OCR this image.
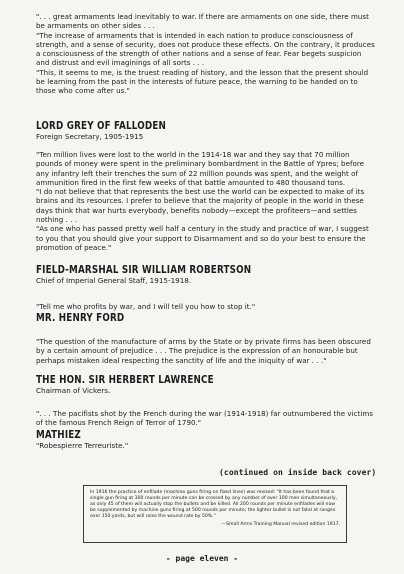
". . . great armaments lead inevitably to war. If there are armaments on one side, there must be armaments on other sides . . .

"The increase of armaments that is intended in each nation to produce consciousness of strength, and a sense of security, does not produce these effects. On the contrary, it produces a consciousness of the strength of other nations and a sense of fear. Fear begets suspicion and distrust and evil imaginings of all sorts . . .

"This, it seems to me, is the truest reading of history, and the lesson that the present should be learning from the past in the interests of future peace, the warning to be handed on to those who come after us."

LORD GREY OF FALLODEN

Foreign Secretary, 1905-1915

"Ten million lives were lost to the world in the 1914-18 war and they say that 70 million pounds of money were spent in the preliminary bombardment in the Battle of Ypres; before any infantry left their trenches the sum of 22 million pounds was spent, and the weight of ammunition fired in the first few weeks of that battle amounted to 480 thousand tons.

"I do not believe that that represents the best use the world can be expected to make of its brains and its resources. I prefer to believe that the majority of people in the world in these days think that war hurts everybody, benefits nobody—except the profiteers—and settles nothing . . .

"As one who has passed pretty well half a century in the study and practice of war, I suggest to you that you should give your support to Disarmament and so do your best to ensure the promotion of peace."

FIELD-MARSHAL SIR WILLIAM ROBERTSON

Chief of Imperial General Staff, 1915-1918.

"Tell me who profits by war, and I will tell you how to stop it."

MR. HENRY FORD

"The question of the manufacture of arms by the State or by private firms has been obscured by a certain amount of prejudice . . . The prejudice is the expression of an honourable but perhaps mistaken ideal respecting the sanctity of life and the iniquity of war . . ."

THE HON. SIR HERBERT LAWRENCE

Chairman of Vickers.

". . . The pacifists shot by the French during the war (1914-1918) far outnumbered the victims of the famous French Reign of Terror of 1790."

MATHIEZ

"Robespierre Terreuriste."

(continued on inside back cover)

In 1916 the practice of enfilade (machine guns firing on fixed lines) was revised: "It has been found that a single gun firing at 300 rounds per minute can be crossed by any number of over 100 men simultaneously, as only 45 of them will actually stop the bullets and be killed. All 200 rounds per minute enfilades will now be supplemented by machine guns firing at 500 rounds per minute; the lighter bullet is not fatal at ranges over 150 yards, but will raise the wound rate by 50%."

—Small Arms Training Manual revised edition 1917.

- page eleven -
